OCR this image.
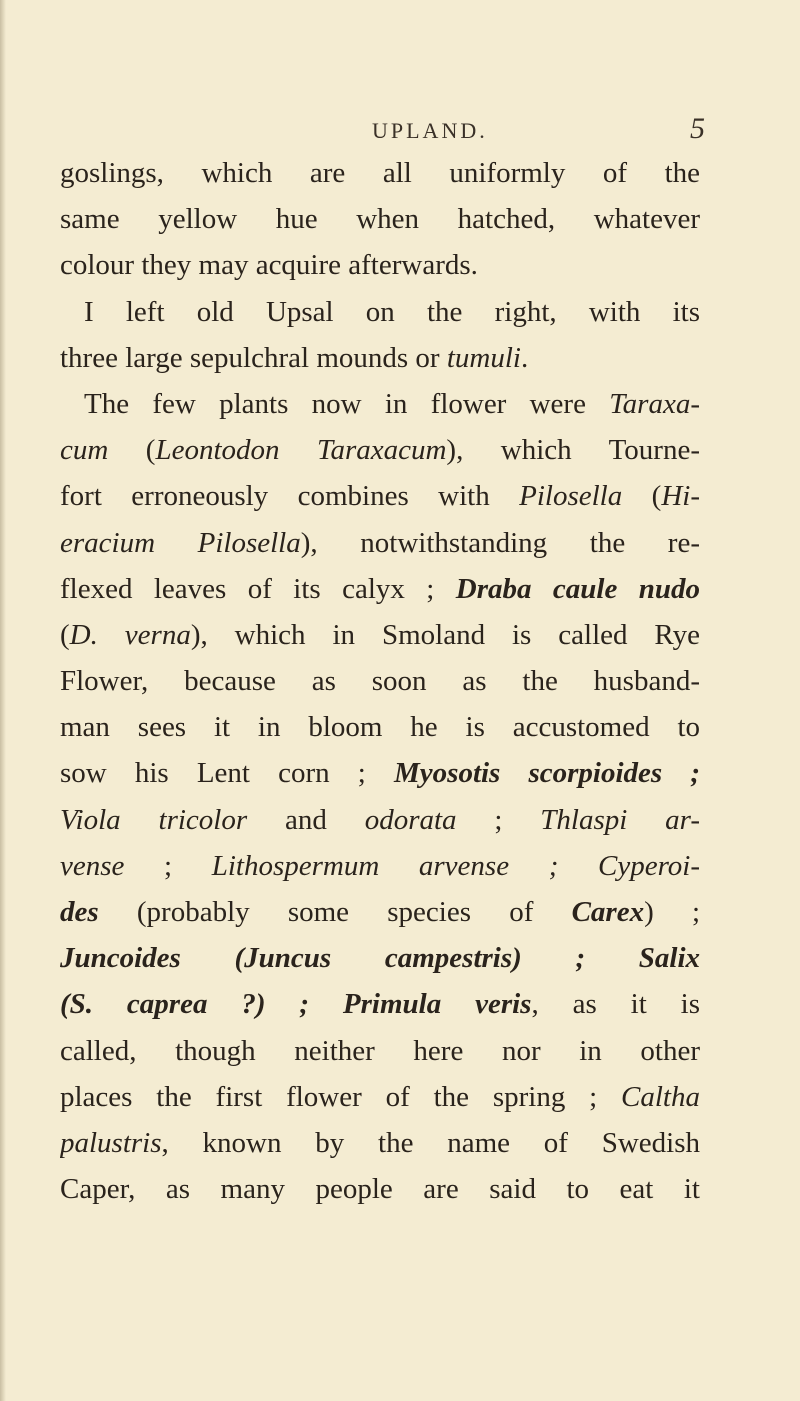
UPLAND.	5
goslings, which are all uniformly of the
same yellow hue when hatched, whatever
colour they may acquire afterwards.
I left old Upsal on the right, with its
three large sepulchral mounds or tumuli.
The few plants now in flower were Taraxa-
cum (Leontodon Taraxacum), which Tourne-
fort erroneously combines with Pilosella (Hi-
eracium Pilosella), notwithstanding the re-
flexed leaves of its calyx ; Draba caule nudo
(D. verna), which in Smoland is called Rye
Flower, because as soon as the husband-
man sees it in bloom he is accustomed to
sow his Lent corn ; Myosotis scorpioides ;
Viola tricolor and odorata ; Thlaspi ar-
vense ; Lithospermum arvense ; Cyperoi-
des (probably some species of Carex) ;
Juncoides (Juncus campestris) ; Salix
(S. caprea ?) ; Primula veris, as it is
called, though neither here nor in other
places the first flower of the spring ; Caltha
palustris, known by the name of Swedish
Caper, as many people are said to eat it
